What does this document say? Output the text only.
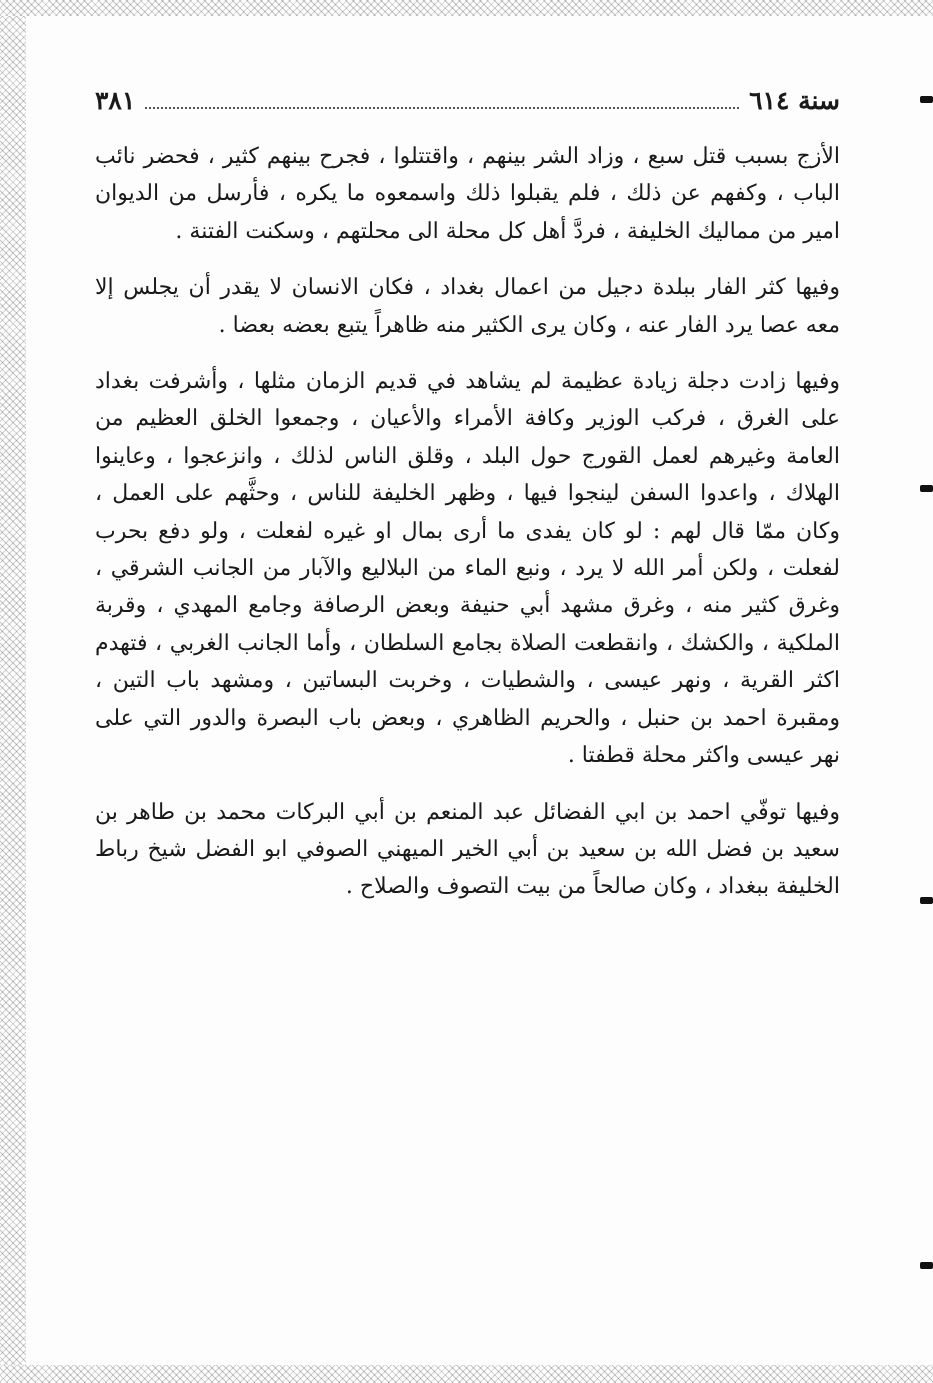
سنة ٦١٤
٣٨١

الأزج بسبب قتل سبع ، وزاد الشر بينهم ، واقتتلوا ، فجرح بينهم كثير ، فحضر نائب الباب ، وكفهم عن ذلك ، فلم يقبلوا ذلك واسمعوه ما يكره ، فأرسل من الديوان امير من مماليك الخليفة ، فردَّ أهل كل محلة الى محلتهم ، وسكنت الفتنة .

وفيها كثر الفار ببلدة دجيل من اعمال بغداد ، فكان الانسان لا يقدر أن يجلس إلا معه عصا يرد الفار عنه ، وكان يرى الكثير منه ظاهراً يتبع بعضه بعضا .

وفيها زادت دجلة زيادة عظيمة لم يشاهد في قديم الزمان مثلها ، وأشرفت بغداد على الغرق ، فركب الوزير وكافة الأمراء والأعيان ، وجمعوا الخلق العظيم من العامة وغيرهم لعمل القورج حول البلد ، وقلق الناس لذلك ، وانزعجوا ، وعاينوا الهلاك ، واعدوا السفن لينجوا فيها ، وظهر الخليفة للناس ، وحثَّهم على العمل ، وكان ممّا قال لهم : لو كان يفدى ما أرى بمال او غيره لفعلت ، ولو دفع بحرب لفعلت ، ولكن أمر الله لا يرد ، ونبع الماء من البلاليع والآبار من الجانب الشرقي ، وغرق كثير منه ، وغرق مشهد أبي حنيفة وبعض الرصافة وجامع المهدي ، وقربة الملكية ، والكشك ، وانقطعت الصلاة بجامع السلطان ، وأما الجانب الغربي ، فتهدم اكثر القرية ، ونهر عيسى ، والشطيات ، وخربت البساتين ، ومشهد باب التين ، ومقبرة احمد بن حنبل ، والحريم الظاهري ، وبعض باب البصرة والدور التي على نهر عيسى واكثر محلة قطفتا .

وفيها توفّي احمد بن ابي الفضائل عبد المنعم بن أبي البركات محمد بن طاهر بن سعيد بن فضل الله بن سعيد بن أبي الخير الميهني الصوفي ابو الفضل شيخ رباط الخليفة ببغداد ، وكان صالحاً من بيت التصوف والصلاح .
